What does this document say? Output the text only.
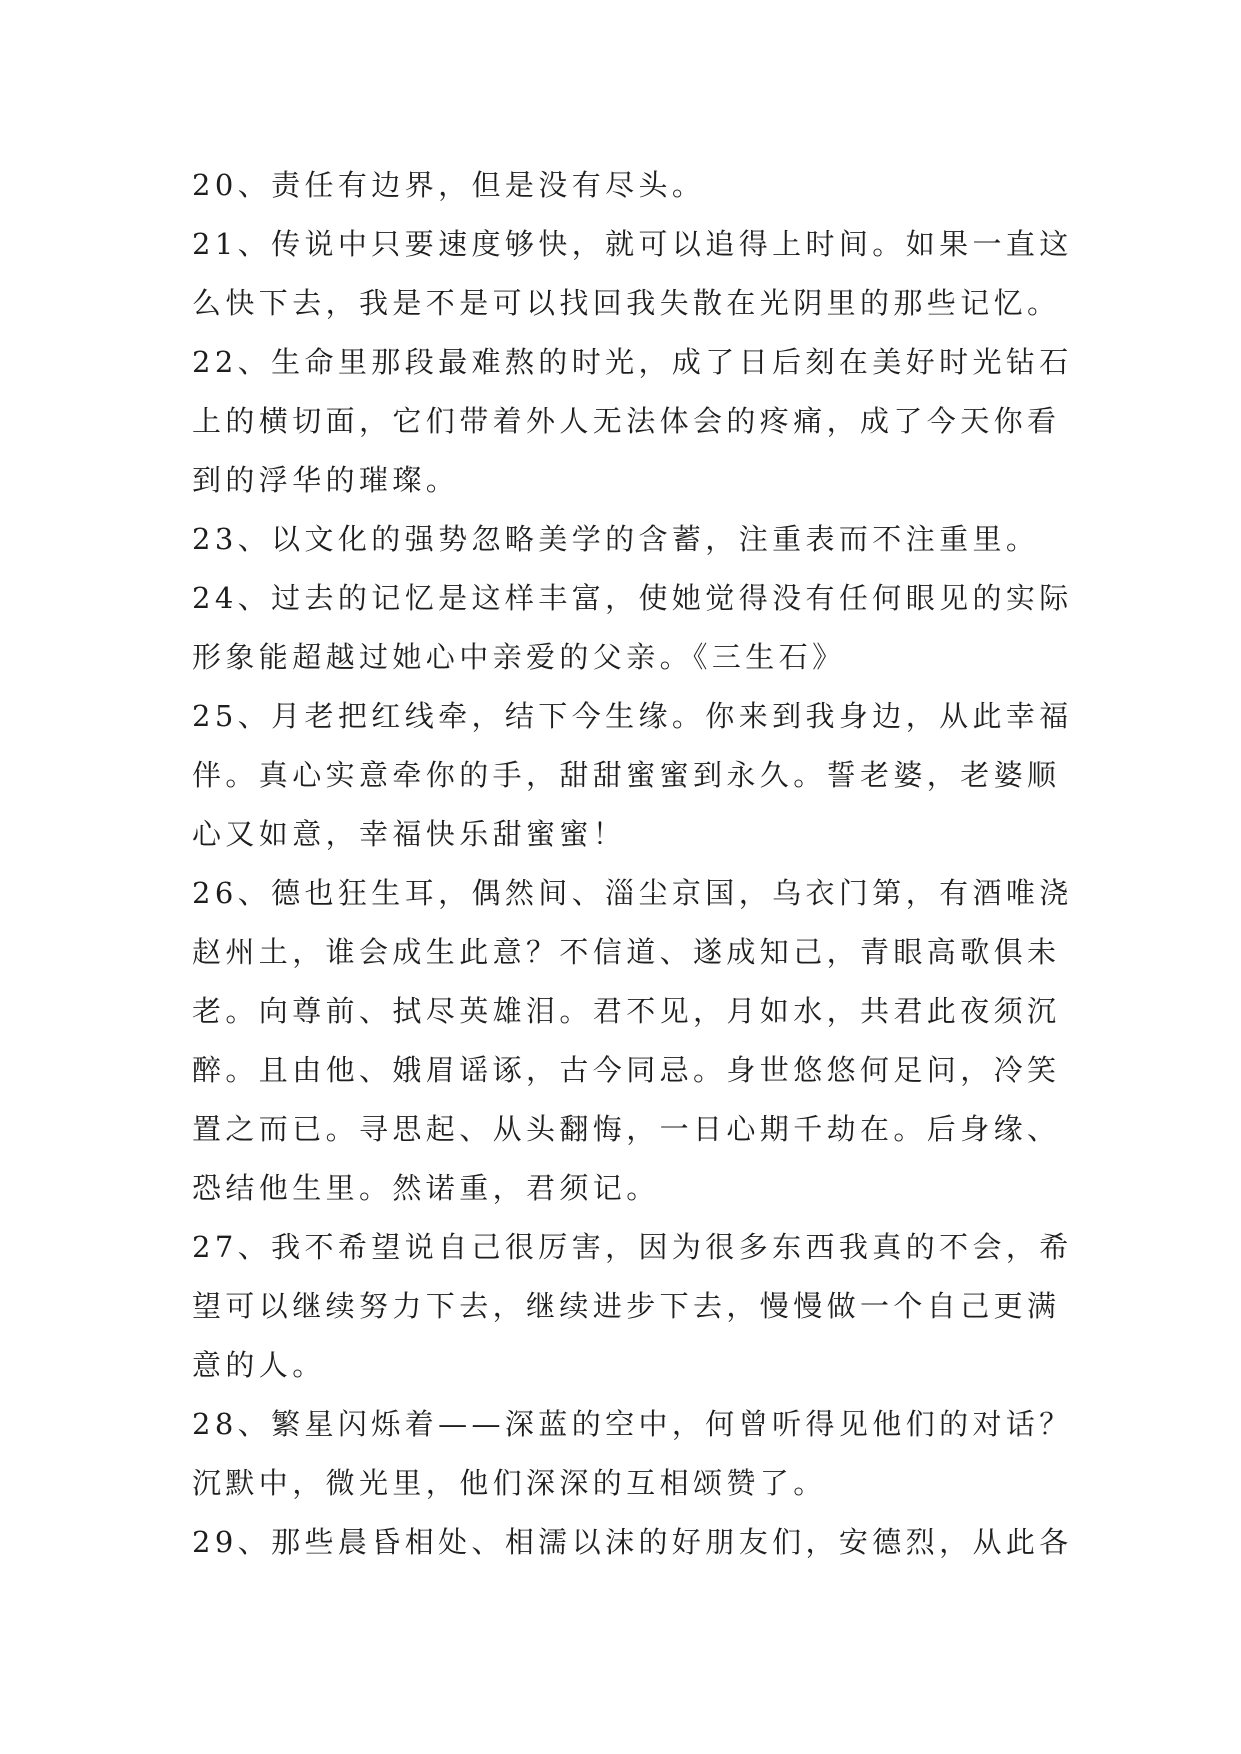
20、责任有边界，但是没有尽头。
21、传说中只要速度够快，就可以追得上时间。如果一直这
么快下去，我是不是可以找回我失散在光阴里的那些记忆。
22、生命里那段最难熬的时光，成了日后刻在美好时光钻石
上的横切面，它们带着外人无法体会的疼痛，成了今天你看
到的浮华的璀璨。
23、以文化的强势忽略美学的含蓄，注重表而不注重里。
24、过去的记忆是这样丰富，使她觉得没有任何眼见的实际
形象能超越过她心中亲爱的父亲。《三生石》
25、月老把红线牵，结下今生缘。你来到我身边，从此幸福
伴。真心实意牵你的手，甜甜蜜蜜到永久。誓老婆，老婆顺
心又如意，幸福快乐甜蜜蜜！
26、德也狂生耳，偶然间、淄尘京国，乌衣门第，有酒唯浇
赵州土，谁会成生此意？不信道、遂成知己，青眼高歌俱未
老。向尊前、拭尽英雄泪。君不见，月如水，共君此夜须沉
醉。且由他、娥眉谣诼，古今同忌。身世悠悠何足问，冷笑
置之而已。寻思起、从头翻悔，一日心期千劫在。后身缘、
恐结他生里。然诺重，君须记。
27、我不希望说自己很厉害，因为很多东西我真的不会，希
望可以继续努力下去，继续进步下去，慢慢做一个自己更满
意的人。
28、繁星闪烁着——深蓝的空中，何曾听得见他们的对话？
沉默中，微光里，他们深深的互相颂赞了。
29、那些晨昏相处、相濡以沫的好朋友们，安德烈，从此各
